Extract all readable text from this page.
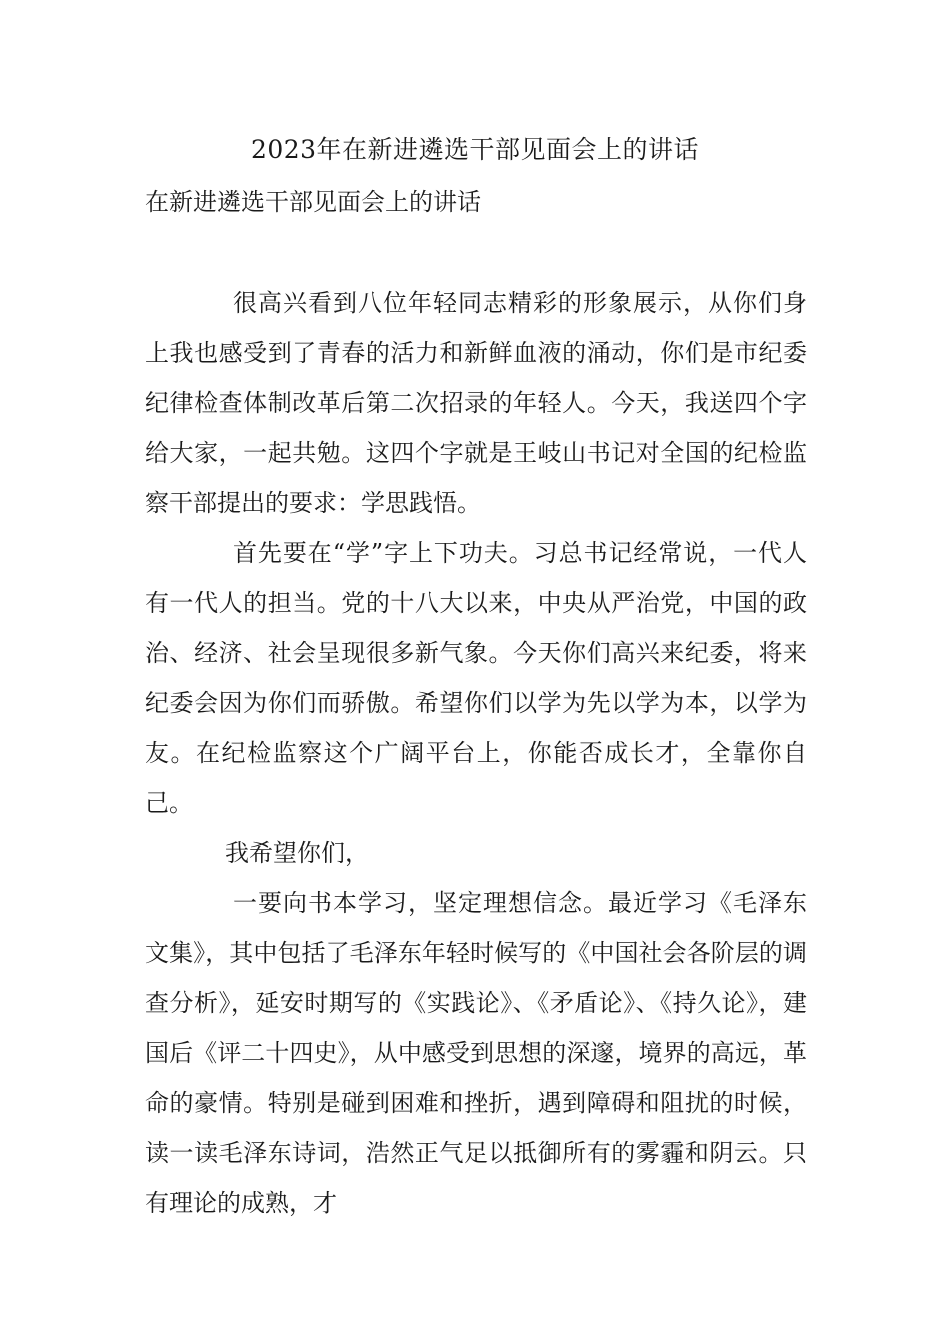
2023年在新进遴选干部见面会上的讲话
在新进遴选干部见面会上的讲话

很高兴看到八位年轻同志精彩的形象展示，从你们身上我也感受到了青春的活力和新鲜血液的涌动，你们是市纪委纪律检查体制改革后第二次招录的年轻人。今天，我送四个字给大家，一起共勉。这四个字就是王岐山书记对全国的纪检监察干部提出的要求：学思践悟。

首先要在“学”字上下功夫。习总书记经常说，一代人有一代人的担当。党的十八大以来，中央从严治党，中国的政治、经济、社会呈现很多新气象。今天你们高兴来纪委，将来纪委会因为你们而骄傲。希望你们以学为先以学为本，以学为友。在纪检监察这个广阔平台上，你能否成长才，全靠你自己。

我希望你们，

一要向书本学习，坚定理想信念。最近学习《毛泽东文集》，其中包括了毛泽东年轻时候写的《中国社会各阶层的调查分析》，延安时期写的《实践论》、《矛盾论》、《持久论》，建国后《评二十四史》，从中感受到思想的深邃，境界的高远，革命的豪情。特别是碰到困难和挫折，遇到障碍和阻扰的时候，读一读毛泽东诗词，浩然正气足以抵御所有的雾霾和阴云。只有理论的成熟，才
